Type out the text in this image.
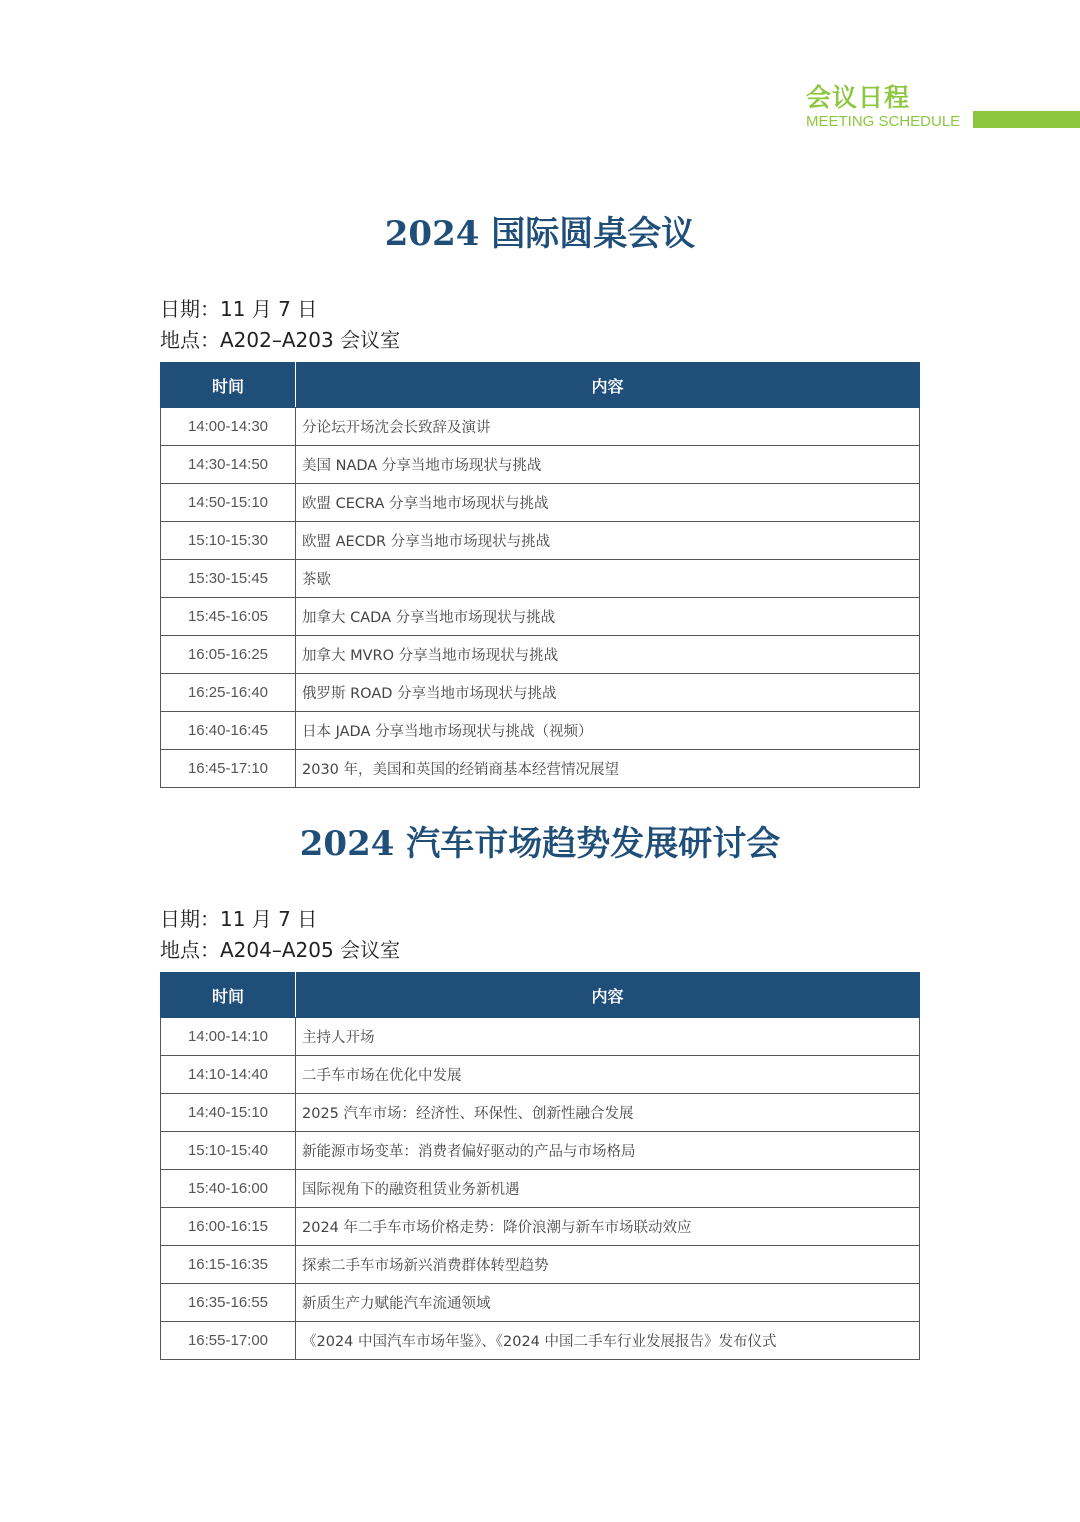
会议日程
MEETING SCHEDULE
2024 国际圆桌会议
日期：11 月 7 日
地点：A202–A203 会议室
时间	内容
14:00-14:30	分论坛开场沈会长致辞及演讲
14:30-14:50	美国 NADA 分享当地市场现状与挑战
14:50-15:10	欧盟 CECRA 分享当地市场现状与挑战
15:10-15:30	欧盟 AECDR 分享当地市场现状与挑战
15:30-15:45	茶歇
15:45-16:05	加拿大 CADA 分享当地市场现状与挑战
16:05-16:25	加拿大 MVRO 分享当地市场现状与挑战
16:25-16:40	俄罗斯 ROAD 分享当地市场现状与挑战
16:40-16:45	日本 JADA 分享当地市场现状与挑战（视频）
16:45-17:10	2030 年，美国和英国的经销商基本经营情况展望
2024 汽车市场趋势发展研讨会
日期：11 月 7 日
地点：A204–A205 会议室
时间	内容
14:00-14:10	主持人开场
14:10-14:40	二手车市场在优化中发展
14:40-15:10	2025 汽车市场：经济性、环保性、创新性融合发展
15:10-15:40	新能源市场变革：消费者偏好驱动的产品与市场格局
15:40-16:00	国际视角下的融资租赁业务新机遇
16:00-16:15	2024 年二手车市场价格走势：降价浪潮与新车市场联动效应
16:15-16:35	探索二手车市场新兴消费群体转型趋势
16:35-16:55	新质生产力赋能汽车流通领域
16:55-17:00	《2024 中国汽车市场年鉴》、《2024 中国二手车行业发展报告》发布仪式
